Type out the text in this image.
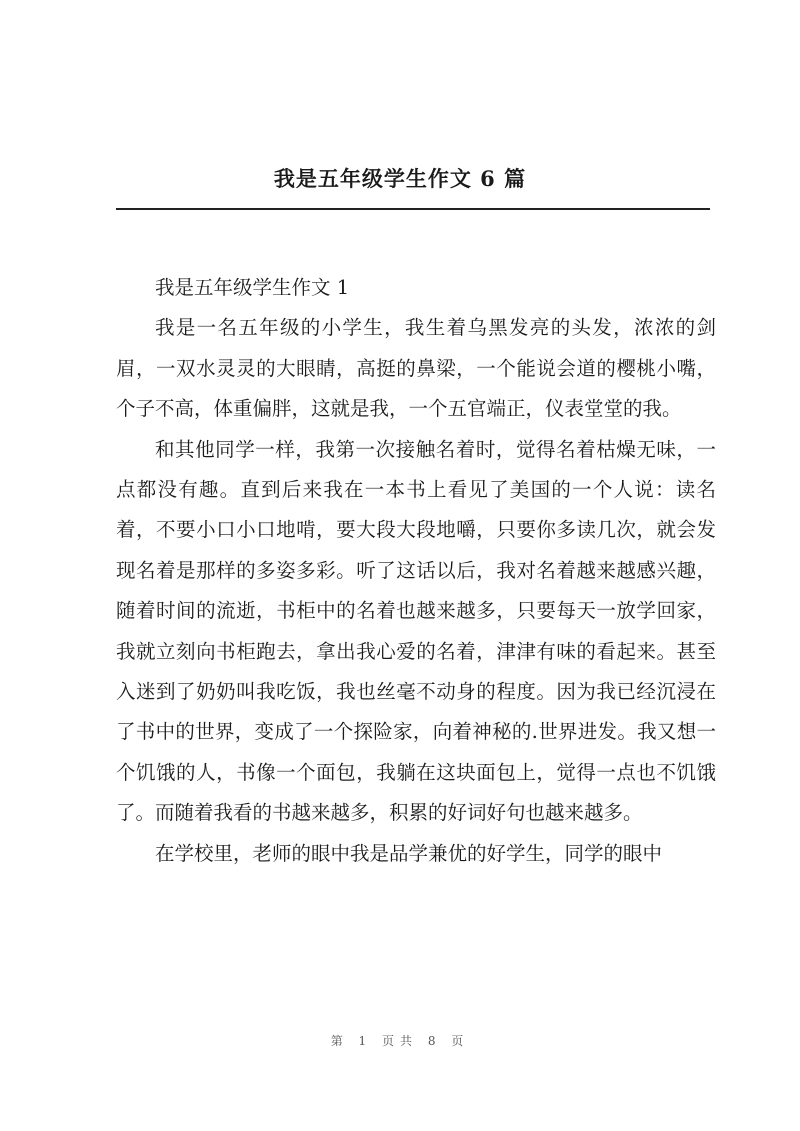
我是五年级学生作文 6 篇

我是五年级学生作文 1

我是一名五年级的小学生，我生着乌黑发亮的头发，浓浓的剑眉，一双水灵灵的大眼睛，高挺的鼻梁，一个能说会道的樱桃小嘴，个子不高，体重偏胖，这就是我，一个五官端正，仪表堂堂的我。

和其他同学一样，我第一次接触名着时，觉得名着枯燥无味，一点都没有趣。直到后来我在一本书上看见了美国的一个人说：读名着，不要小口小口地啃，要大段大段地嚼，只要你多读几次，就会发现名着是那样的多姿多彩。听了这话以后，我对名着越来越感兴趣，随着时间的流逝，书柜中的名着也越来越多，只要每天一放学回家，我就立刻向书柜跑去，拿出我心爱的名着，津津有味的看起来。甚至入迷到了奶奶叫我吃饭，我也丝毫不动身的程度。因为我已经沉浸在了书中的世界，变成了一个探险家，向着神秘的.世界进发。我又想一个饥饿的人，书像一个面包，我躺在这块面包上，觉得一点也不饥饿了。而随着我看的书越来越多，积累的好词好句也越来越多。

在学校里，老师的眼中我是品学兼优的好学生，同学的眼中

第 1 页共 8 页
